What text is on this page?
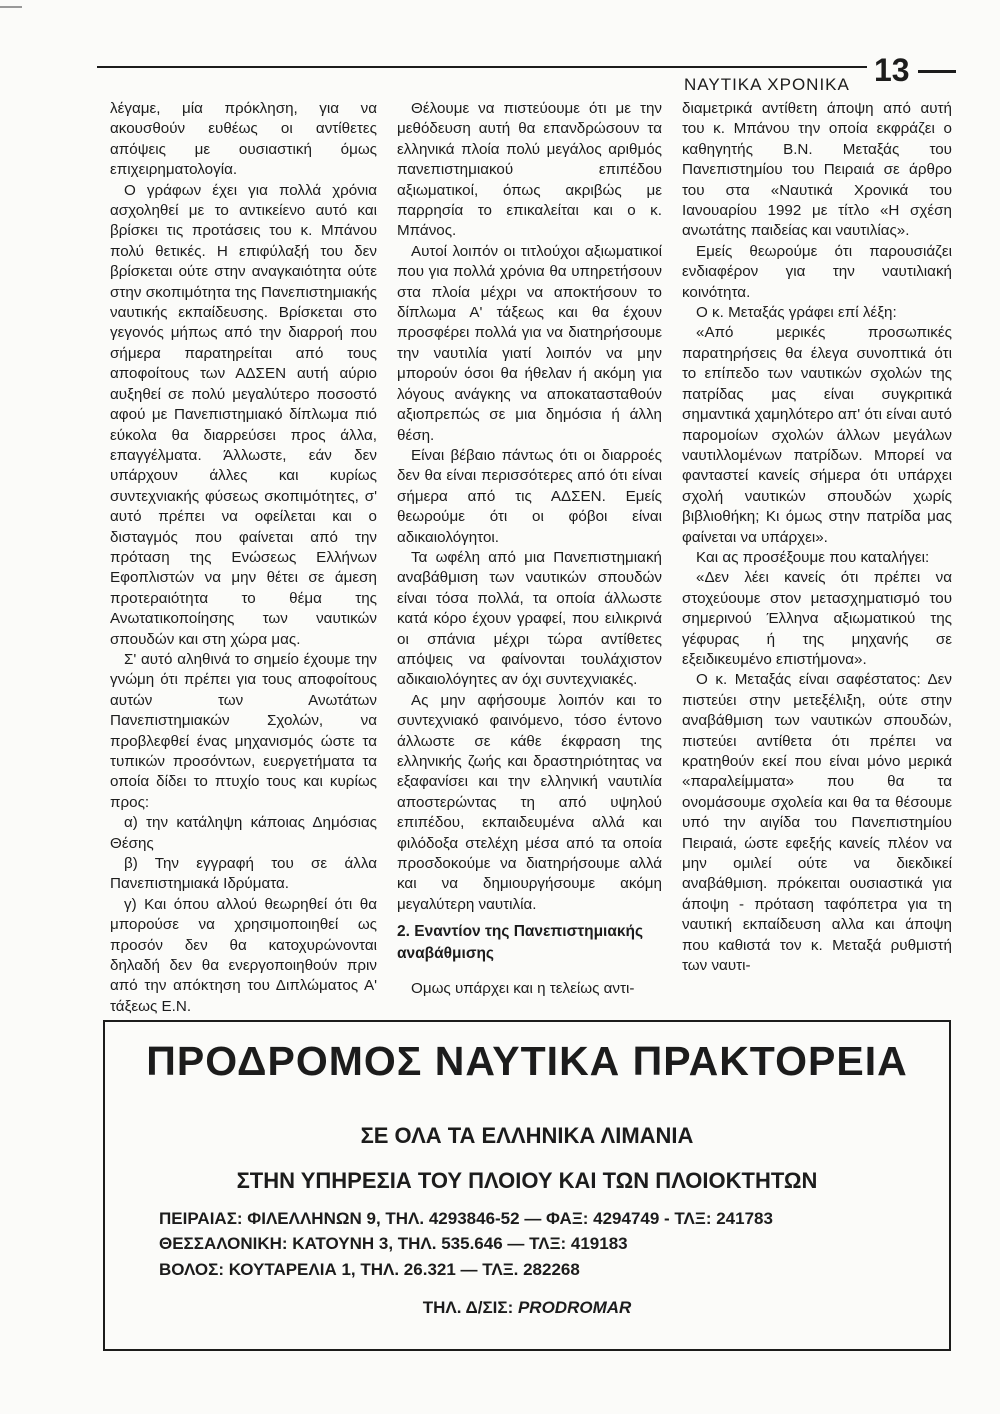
ΝΑΥΤΙΚΑ ΧΡΟΝΙΚΑ 13

λέγαμε, μία πρόκληση, για να ακουσθούν ευθέως οι αντίθετες απόψεις με ουσιαστική όμως επιχειρηματολογία.

Ο γράφων έχει για πολλά χρόνια ασχοληθεί με το αντικείενο αυτό και βρίσκει τις προτάσεις του κ. Μπάνου πολύ θετικές. Η επιφύλαξή του δεν βρίσκεται ούτε στην αναγκαιότητα ούτε στην σκοπιμότητα της Πανεπιστημιακής ναυτικής εκπαίδευσης. Βρίσκεται στο γεγονός μήπως από την διαρροή που σήμερα παρατηρείται από τους αποφοίτους των ΑΔΣΕΝ αυτή αύριο αυξηθεί σε πολύ μεγαλύτερο ποσοστό αφού με Πανεπιστημιακό δίπλωμα πιό εύκολα θα διαρρεύσει προς άλλα, επαγγέλματα. Άλλωστε, εάν δεν υπάρχουν άλλες και κυρίως συντεχνιακής φύσεως σκοπιμότητες, σ' αυτό πρέπει να οφείλεται και ο δισταγμός που φαίνεται από την πρόταση της Ενώσεως Ελλήνων Εφοπλιστών να μην θέτει σε άμεση προτεραιότητα το θέμα της Ανωτατικοποίησης των ναυτικών σπουδών και στη χώρα μας.

Σ' αυτό αληθινά το σημείο έχουμε την γνώμη ότι πρέπει για τους αποφοίτους αυτών των Ανωτάτων Πανεπιστημιακών Σχολών, να προβλεφθεί ένας μηχανισμός ώστε τα τυπικών προσόντων, ευεργετήματα τα οποία δίδει το πτυχίο τους και κυρίως προς:

α) την κατάληψη κάποιας Δημόσιας Θέσης

β) Την εγγραφή του σε άλλα Πανεπιστημιακά Ιδρύματα.

γ) Και όπου αλλού θεωρηθεί ότι θα μπορούσε να χρησιμοποιηθεί ως προσόν δεν θα κατοχυρώνονται δηλαδή δεν θα ενεργοποιηθούν πριν από την απόκτηση του Διπλώματος Α' τάξεως Ε.Ν.

Θέλουμε να πιστεύουμε ότι με την μεθόδευση αυτή θα επανδρώσουν τα ελληνικά πλοία πολύ μεγάλος αριθμός πανεπιστημιακού επιπέδου αξιωματικοί, όπως ακριβώς με παρρησία το επικαλείται και ο κ. Μπάνος.

Αυτοί λοιπόν οι τιτλούχοι αξιωματικοί που για πολλά χρόνια θα υπηρετήσουν στα πλοία μέχρι να αποκτήσουν το δίπλωμα Α' τάξεως και θα έχουν προσφέρει πολλά για να διατηρήσουμε την ναυτιλία γιατί λοιπόν να μην μπορούν όσοι θα ήθελαν ή ακόμη για λόγους ανάγκης να αποκατασταθούν αξιοπρεπώς σε μια δημόσια ή άλλη θέση.

Είναι βέβαιο πάντως ότι οι διαρροές δεν θα είναι περισσότερες από ότι είναι σήμερα από τις ΑΔΣΕΝ. Εμείς θεωρούμε ότι οι φόβοι είναι αδικαιολόγητοι.

Τα ωφέλη από μια Πανεπιστημιακή αναβάθμιση των ναυτικών σπουδών είναι τόσα πολλά, τα οποία άλλωστε κατά κόρο έχουν γραφεί, που ειλικρινά οι σπάνια μέχρι τώρα αντίθετες απόψεις να φαίνονται τουλάχιστον αδικαιολόγητες αν όχι συντεχνιακές.

Ας μην αφήσουμε λοιπόν και το συντεχνιακό φαινόμενο, τόσο έντονο άλλωστε σε κάθε έκφραση της ελληνικής ζωής και δραστηριότητας να εξαφανίσει και την ελληνική ναυτιλία αποστερώντας τη από υψηλού επιπέδου, εκπαιδευμένα αλλά και φιλόδοξα στελέχη μέσα από τα οποία προσδοκούμε να διατηρήσουμε αλλά και να δημιουργήσουμε ακόμη μεγαλύτερη ναυτιλία.

2. Εναντίον της Πανεπιστημιακής αναβάθμισης

Ομως υπάρχει και η τελείως αντι-

διαμετρικά αντίθετη άποψη από αυτή του κ. Μπάνου την οποία εκφράζει ο καθηγητής Β.Ν. Μεταξάς του Πανεπιστημίου του Πειραιά σε άρθρο του στα «Ναυτικά Χρονικά του Ιανουαρίου 1992 με τίτλο «Η σχέση ανωτάτης παιδείας και ναυτιλίας».

Εμείς θεωρούμε ότι παρουσιάζει ενδιαφέρον για την ναυτιλιακή κοινότητα.

Ο κ. Μεταξάς γράφει επί λέξη:

«Από μερικές προσωπικές παρατηρήσεις θα έλεγα συνοπτικά ότι το επίπεδο των ναυτικών σχολών της πατρίδας μας είναι συγκριτικά σημαντικά χαμηλότερο απ' ότι είναι αυτό παρομοίων σχολών άλλων μεγάλων ναυτιλλομένων πατρίδων. Μπορεί να φανταστεί κανείς σήμερα ότι υπάρχει σχολή ναυτικών σπουδών χωρίς βιβλιοθήκη; Κι όμως στην πατρίδα μας φαίνεται να υπάρχει».

Και ας προσέξουμε που καταλήγει:

«Δεν λέει κανείς ότι πρέπει να στοχεύουμε στον μετασχηματισμό του σημερινού Έλληνα αξιωματικού της γέφυρας ή της μηχανής σε εξειδικευμένο επιστήμονα».

Ο κ. Μεταξάς είναι σαφέστατος: Δεν πιστεύει στην μετεξέλιξη, ούτε στην αναβάθμιση των ναυτικών σπουδών, πιστεύει αντίθετα ότι πρέπει να κρατηθούν εκεί που είναι μόνο μερικά «παραλείμματα» που θα τα ονομάσουμε σχολεία και θα τα θέσουμε υπό την αιγίδα του Πανεπιστημίου Πειραιά, ώστε εφεξής κανείς πλέον να μην ομιλεί ούτε να διεκδικεί αναβάθμιση. πρόκειται ουσιαστικά για άποψη - πρόταση ταφόπετρα για τη ναυτική εκπαίδευση αλλα και άποψη που καθιστά τον κ. Μεταξά ρυθμιστή των ναυτι-

ΠΡΟΔΡΟΜΟΣ ΝΑΥΤΙΚΑ ΠΡΑΚΤΟΡΕΙΑ
ΣΕ ΟΛΑ ΤΑ ΕΛΛΗΝΙΚΑ ΛΙΜΑΝΙΑ
ΣΤΗΝ ΥΠΗΡΕΣΙΑ ΤΟΥ ΠΛΟΙΟΥ ΚΑΙ ΤΩΝ ΠΛΟΙΟΚΤΗΤΩΝ
ΠΕΙΡΑΙΑΣ: ΦΙΛΕΛΛΗΝΩΝ 9, ΤΗΛ. 4293846-52 — ΦΑΞ: 4294749 - ΤΛΞ: 241783
ΘΕΣΣΑΛΟΝΙΚΗ: ΚΑΤΟΥΝΗ 3, ΤΗΛ. 535.646 — ΤΛΞ: 419183
ΒΟΛΟΣ: ΚΟΥΤΑΡΕΛΙΑ 1, ΤΗΛ. 26.321 — ΤΛΞ. 282268
ΤΗΛ. Δ/ΣΙΣ: PRODROMAR
